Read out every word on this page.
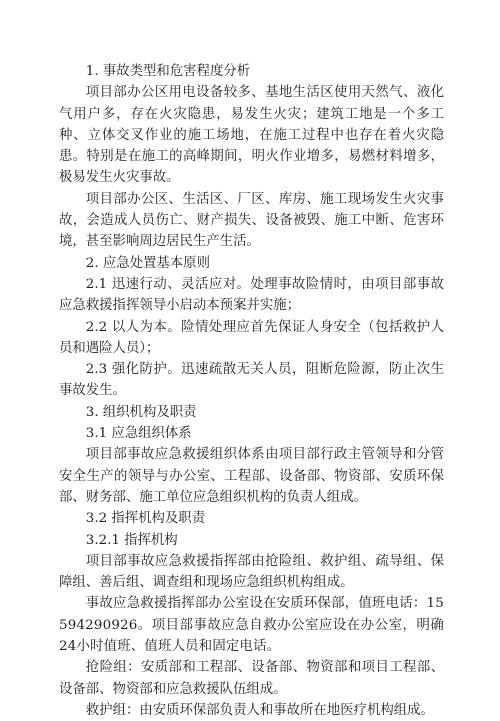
1. 事故类型和危害程度分析

项目部办公区用电设备较多、基地生活区使用天然气、液化气用户多，存在火灾隐患，易发生火灾；建筑工地是一个多工种、立体交叉作业的施工场地，在施工过程中也存在着火灾隐患。特别是在施工的高峰期间，明火作业增多，易燃材料增多，极易发生火灾事故。

项目部办公区、生活区、厂区、库房、施工现场发生火灾事故，会造成人员伤亡、财产损失、设备被毁、施工中断、危害环境，甚至影响周边居民生产生活。

2. 应急处置基本原则

2.1 迅速行动、灵活应对。处理事故险情时，由项目部事故应急救援指挥领导小启动本预案并实施；

2.2 以人为本。险情处理应首先保证人身安全（包括救护人员和遇险人员）；

2.3 强化防护。迅速疏散无关人员，阻断危险源，防止次生事故发生。

3. 组织机构及职责

3.1 应急组织体系

项目部事故应急救援组织体系由项目部行政主管领导和分管安全生产的领导与办公室、工程部、设备部、物资部、安质环保部、财务部、施工单位应急组织机构的负责人组成。

3.2 指挥机构及职责

3.2.1 指挥机构

项目部事故应急救援指挥部由抢险组、救护组、疏导组、保障组、善后组、调查组和现场应急组织机构组成。

事故应急救援指挥部办公室设在安质环保部，值班电话：15594290926。项目部事故应急自救办公室应设在办公室，明确24小时值班、值班人员和固定电话。

抢险组：安质部和工程部、设备部、物资部和项目工程部、设备部、物资部和应急救援队伍组成。

救护组：由安质环保部负责人和事故所在地医疗机构组成。
